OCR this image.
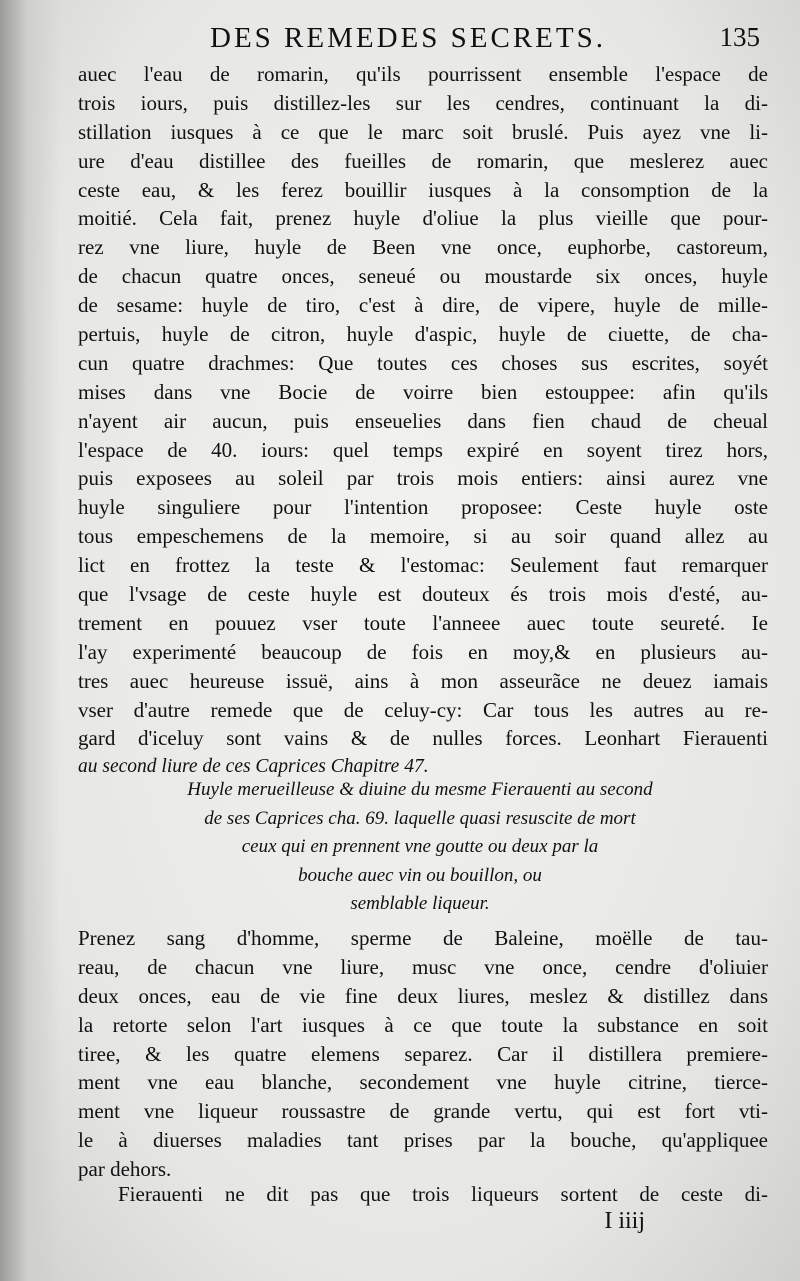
DES REMEDES SECRETS.	135
auec l'eau de romarin, qu'ils pourrissent ensemble l'espace de
trois iours, puis distillez-les sur les cendres, continuant la di-
stillation iusques à ce que le marc soit bruslé. Puis ayez vne li-
ure d'eau distillee des fueilles de romarin, que meslerez auec
ceste eau, & les ferez bouillir iusques à la consomption de la
moitié. Cela fait, prenez huyle d'oliue la plus vieille que pour-
rez vne liure, huyle de Been vne once, euphorbe, castoreum,
de chacun quatre onces, seneué ou moustarde six onces, huyle
de sesame: huyle de tiro, c'est à dire, de vipere, huyle de mille-
pertuis, huyle de citron, huyle d'aspic, huyle de ciuette, de cha-
cun quatre drachmes: Que toutes ces choses sus escrites, soyét
mises dans vne Bocie de voirre bien estouppee: afin qu'ils
n'ayent air aucun, puis enseuelies dans fien chaud de cheual
l'espace de 40. iours: quel temps expiré en soyent tirez hors,
puis exposees au soleil par trois mois entiers: ainsi aurez vne
huyle singuliere pour l'intention proposee: Ceste huyle oste
tous empeschemens de la memoire, si au soir quand allez au
lict en frottez la teste & l'estomac: Seulement faut remarquer
que l'vsage de ceste huyle est douteux és trois mois d'esté, au-
trement en pouuez vser toute l'anneee auec toute seureté. Ie
l'ay experimenté beaucoup de fois en moy,& en plusieurs au-
tres auec heureuse issuë, ains à mon asseurãce ne deuez iamais
vser d'autre remede que de celuy-cy: Car tous les autres au re-
gard d'iceluy sont vains & de nulles forces. Leonhart Fierauenti
au second liure de ces Caprices Chapitre 47.
Huyle merueilleuse & diuine du mesme Fierauenti au second
de ses Caprices cha. 69. laquelle quasi resuscite de mort
ceux qui en prennent vne goutte ou deux par la
bouche auec vin ou bouillon, ou
semblable liqueur.
Prenez sang d'homme, sperme de Baleine, moëlle de tau-
reau, de chacun vne liure, musc vne once, cendre d'oliuier
deux onces, eau de vie fine deux liures, meslez & distillez dans
la retorte selon l'art iusques à ce que toute la substance en soit
tiree, & les quatre elemens separez. Car il distillera premiere-
ment vne eau blanche, secondement vne huyle citrine, tierce-
ment vne liqueur roussastre de grande vertu, qui est fort vti-
le à diuerses maladies tant prises par la bouche, qu'appliquee
par dehors.
Fierauenti ne dit pas que trois liqueurs sortent de ceste di-
I iiij
